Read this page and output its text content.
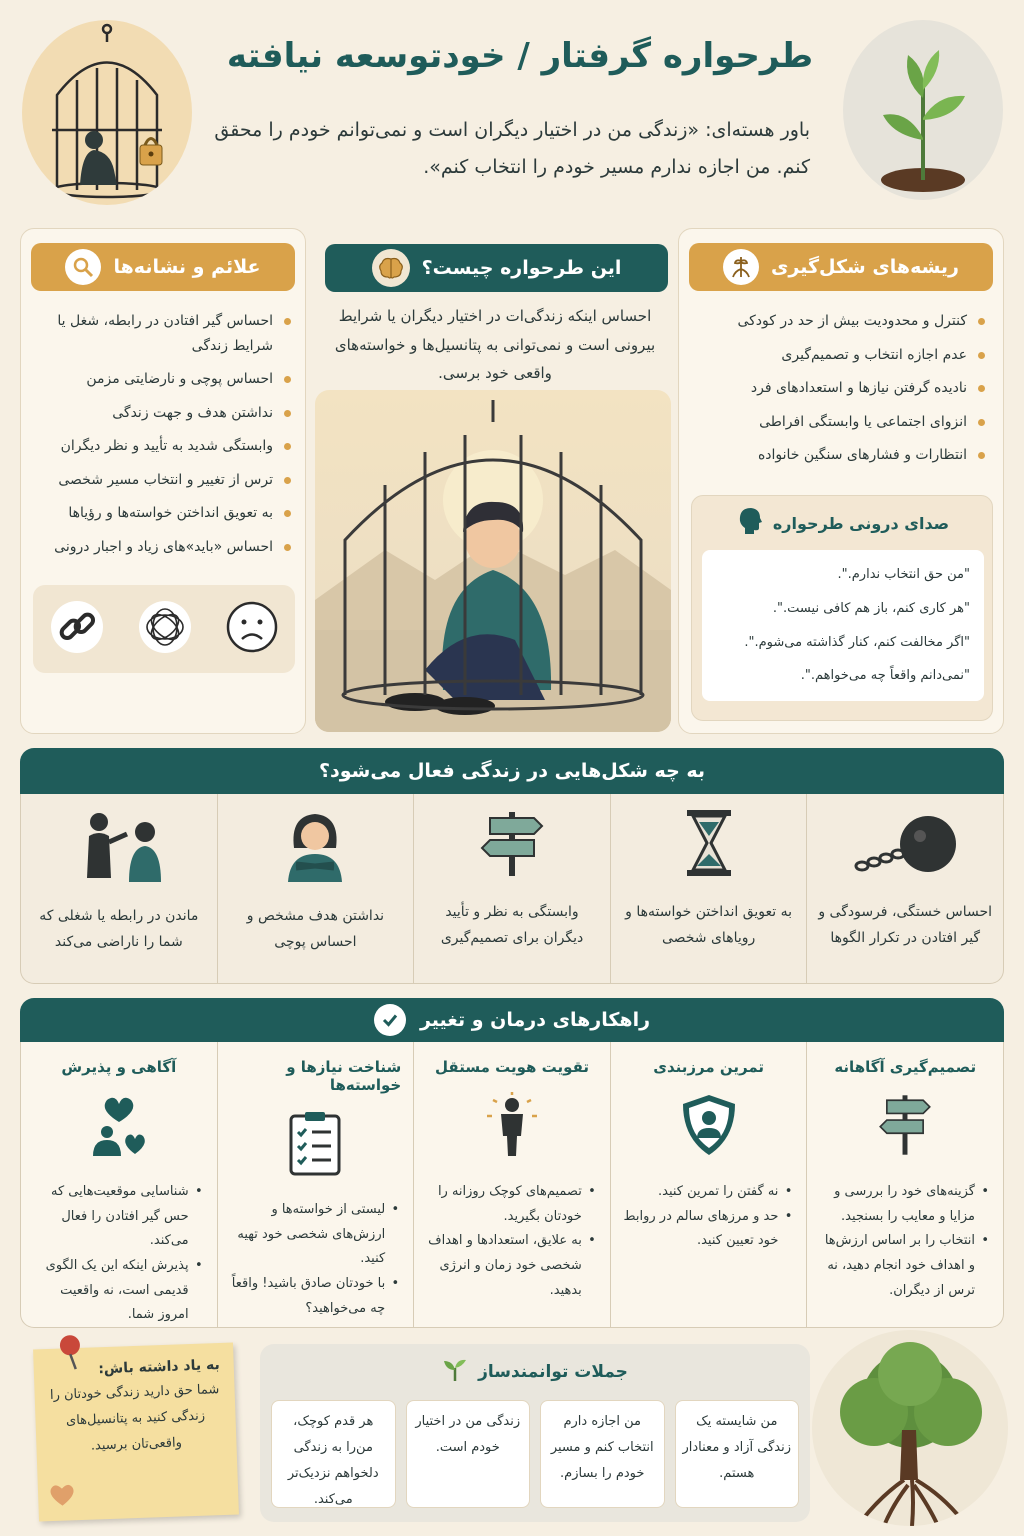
طرحواره گرفتار / خودتوسعه نیافته

باور هسته‌ای: «زندگی من در اختیار دیگران است و نمی‌توانم خودم را محقق کنم. من اجازه ندارم مسیر خودم را انتخاب کنم».

علائم و نشانه‌ها
احساس گیر افتادن در رابطه، شغل یا شرایط زندگی
احساس پوچی و نارضایتی مزمن
نداشتن هدف و جهت زندگی
وابستگی شدید به تأیید و نظر دیگران
ترس از تغییر و انتخاب مسیر شخصی
به تعویق انداختن خواسته‌ها و رؤیاها
احساس «باید»های زیاد و اجبار درونی
این طرحواره چیست؟

احساس اینکه زندگی‌ات در اختیار دیگران یا شرایط بیرونی است و نمی‌توانی به پتانسیل‌ها و خواسته‌های واقعی خود برسی.

ریشه‌های شکل‌گیری
کنترل و محدودیت بیش از حد در کودکی
عدم اجازه انتخاب و تصمیم‌گیری
نادیده گرفتن نیازها و استعدادهای فرد
انزوای اجتماعی یا وابستگی افراطی
انتظارات و فشارهای سنگین خانواده
صدای درونی طرحواره

"من حق انتخاب ندارم.".

"هر کاری کنم، باز هم کافی نیست.".

"اگر مخالفت کنم، کنار گذاشته می‌شوم.".

"نمی‌دانم واقعاً چه می‌خواهم.".

به چه شکل‌هایی در زندگی فعال می‌شود؟

احساس خستگی، فرسودگی و گیر افتادن در تکرار الگوها

به تعویق انداختن خواسته‌ها و رویاهای شخصی

وابستگی به نظر و تأیید دیگران برای تصمیم‌گیری

نداشتن هدف مشخص و احساس پوچی

ماندن در رابطه یا شغلی که شما را ناراضی می‌کند

راهکارهای درمان و تغییر
تصمیم‌گیری آگاهانه
• گزینه‌های خود را بررسی و مزایا و معایب را بسنجید.
• انتخاب را بر اساس ارزش‌ها و اهداف خود انجام دهید، نه ترس از دیگران.
تمرین مرزبندی
• نه گفتن را تمرین کنید.
• حد و مرزهای سالم در روابط خود تعیین کنید.
تقویت هویت مستقل
• تصمیم‌های کوچک روزانه را خودتان بگیرید.
• به علایق، استعدادها و اهداف شخصی خود زمان و انرژی بدهید.
شناخت نیازها و خواسته‌ها
• لیستی از خواسته‌ها و ارزش‌های شخصی خود تهیه کنید.
• با خودتان صادق باشید! واقعاً چه می‌خواهید؟
آگاهی و پذیرش
• شناسایی موقعیت‌هایی که حس گیر افتادن را فعال می‌کند.
• پذیرش اینکه این یک الگوی قدیمی است، نه واقعیت امروز شما.

به یاد داشته باش:

شما حق دارید زندگی خودتان را زندگی کنید به پتانسیل‌های واقعی‌تان برسید.

جملات توانمندساز

من شایسته یک زندگی آزاد و معنادار هستم.

من اجازه دارم انتخاب کنم و مسیر خودم را بسازم.

زندگی من در اختیار خودم است.

هر قدم کوچک، من‌را به زندگی دلخواهم نزدیک‌تر می‌کند.
